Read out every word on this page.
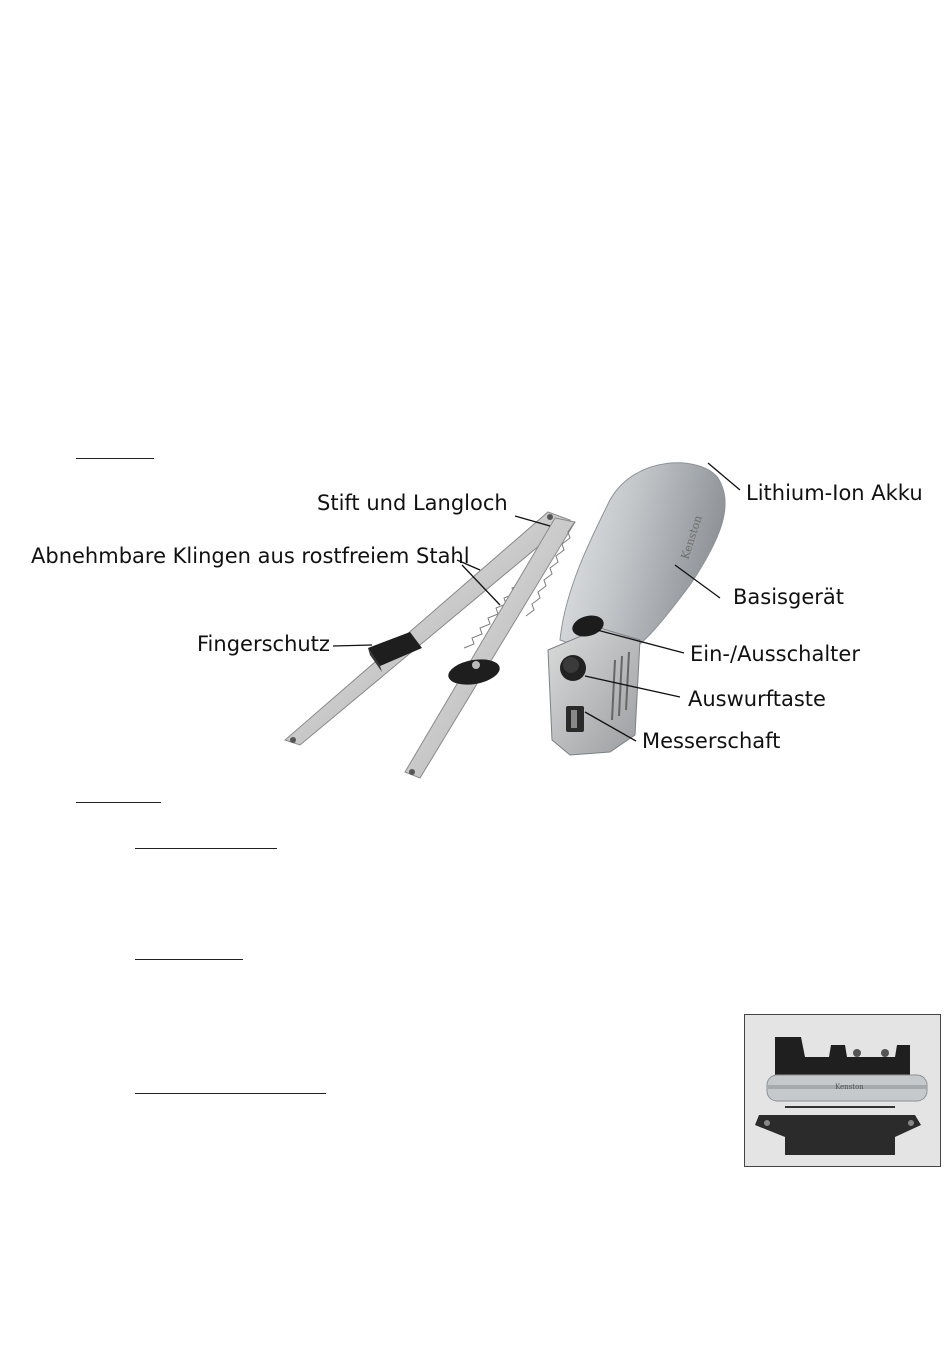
Kenston
Stift und Langloch
Abnehmbare Klingen aus rostfreiem Stahl
Fingerschutz
Lithium-Ion Akku
Basisgerät
Ein-/Ausschalter
Auswurftaste
Messerschaft
Kenston
